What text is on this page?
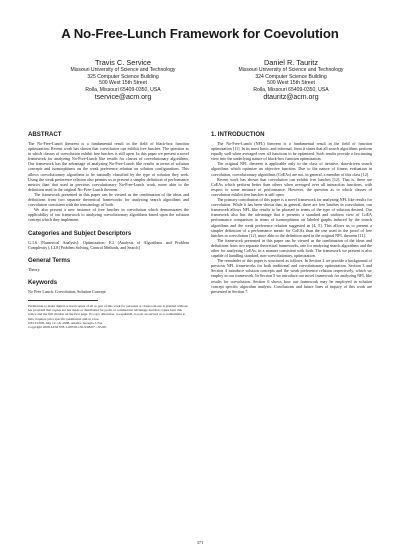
A No-Free-Lunch Framework for Coevolution
Travis C. Service
Missouri University of Science and Technology
325 Computer Science Building
500 West 15th Street
Rolla, Missouri 65409-0350, USA
tservice@acm.org
Daniel R. Tauritz
Missouri University of Science and Technology
324 Computer Science Building
500 West 15th Street
Rolla, Missouri 65409-0350, USA
dtauritz@acm.org
ABSTRACT

The No-Free-Lunch theorem is a fundamental result in the field of black-box function optimization. Recent work has shown that coevolution can exhibit free lunches. The question as to which classes of coevolution exhibit free lunches is still open. In this paper we present a novel framework for analyzing No-Free-Lunch like results for classes of coevolutionary algorithms. Our framework has the advantage of analyzing No-Free-Lunch like results in terms of solution concepts and isomorphisms on the weak preference relation on solution configurations. This allows coevolutionary algorithms to be naturally classified by the type of solution they seek. Using the weak preference relation also permits us to present a simpler definition of performance metrics than that used in previous coevolutionary No-Free-Lunch work, more akin to the definition used in the original No-Free-Lunch theorem.

The framework presented in this paper can be viewed as the combination of the ideas and definitions from two separate theoretical frameworks for analyzing search algorithms and coevolution consistent with the terminology of both.

We also present a new instance of free lunches in coevolution which demonstrates the applicability of our framework to analyzing coevolutionary algorithms based upon the solution concept which they implement.

Categories and Subject Descriptors

G.1.6 [Numerical Analysis]: Optimization; F.2 [Analysis of Algorithms and Problem Complexity]; I.2.8 [Problem Solving, Control Methods, and Search]

General Terms

Theory

Keywords

No Free Lunch, Coevolution, Solution Concept

Permission to make digital or hard copies of all or part of this work for personal or classroom use is granted without fee provided that copies are not made or distributed for profit or commercial advantage and that copies bear this notice and the full citation on the first page. To copy otherwise, to republish, to post on servers or to redistribute to lists, requires prior specific permission and/or a fee.
GECCO'08, July 12–16, 2008, Atlanta, Georgia, USA.
Copyright 2008 ACM 978-1-60558-130-9/08/07 ...$5.00.
1. INTRODUCTION

The No-Free-Lunch (NFL) theorem is a fundamental result in the field of function optimization [11]. In its most basic, and informal, form it states that all search algorithms perform equally well when averaged over all functions to be optimized. Such results provide a fascinating view into the underlying nature of black-box function optimization.

The original NFL theorem is applicable only to the class of iterative, data-driven search algorithms which optimize an objective function. Due to the nature of fitness evaluation in coevolution, coevolutionary algorithms (CoEAs) are not, in general, a member of this class [12].

Recent work has shown that coevolution can exhibit free lunches [12]. That is, there are CoEAs which perform better than others when averaged over all interaction functions, with respect to some measure of performance. However, the question as to which classes of coevolution exhibit free lunches is still open.

The primary contribution of this paper is a novel framework for analyzing NFL like results for coevolution. While it has been shown that, in general, there are free lunches in coevolution, our framework allows NFL like results to be phrased in terms of the type of solution desired. Our framework also has the advantage that it presents a standard and uniform view of CoEA performance comparison in terms of isomorphisms on labeled graphs induced by the search algorithms and the weak preference relation suggested in [4, 5]. This allows us to present a simpler definition of a performance metric for CoEAs than the one used in the proof of free lunches in coevolution [12], more akin to the definition used in the original NFL theorem [11].

The framework presented in this paper can be viewed as the combination of the ideas and definitions from two separate theoretical frameworks, one for analyzing search algorithms and the other for analyzing CoEAs, in a manner consistent with both. The framework we present is also capable of handling standard, non-coevolutionary, optimization.

The remainder of this paper is structured as follows. In Section 2 we provide a background of previous NFL frameworks for both traditional and coevolutionary optimization. Section 3 and Section 4 introduce solution concepts and the weak preference relation respectively, which we employ in our framework. In Section 5 we introduce our novel framework for analyzing NFL like results for coevolution. Section 6 shows how our framework may be employed in solution concept specific algorithm analysis. Conclusions and future lines of inquiry of this work are presented in Section 7.

371
